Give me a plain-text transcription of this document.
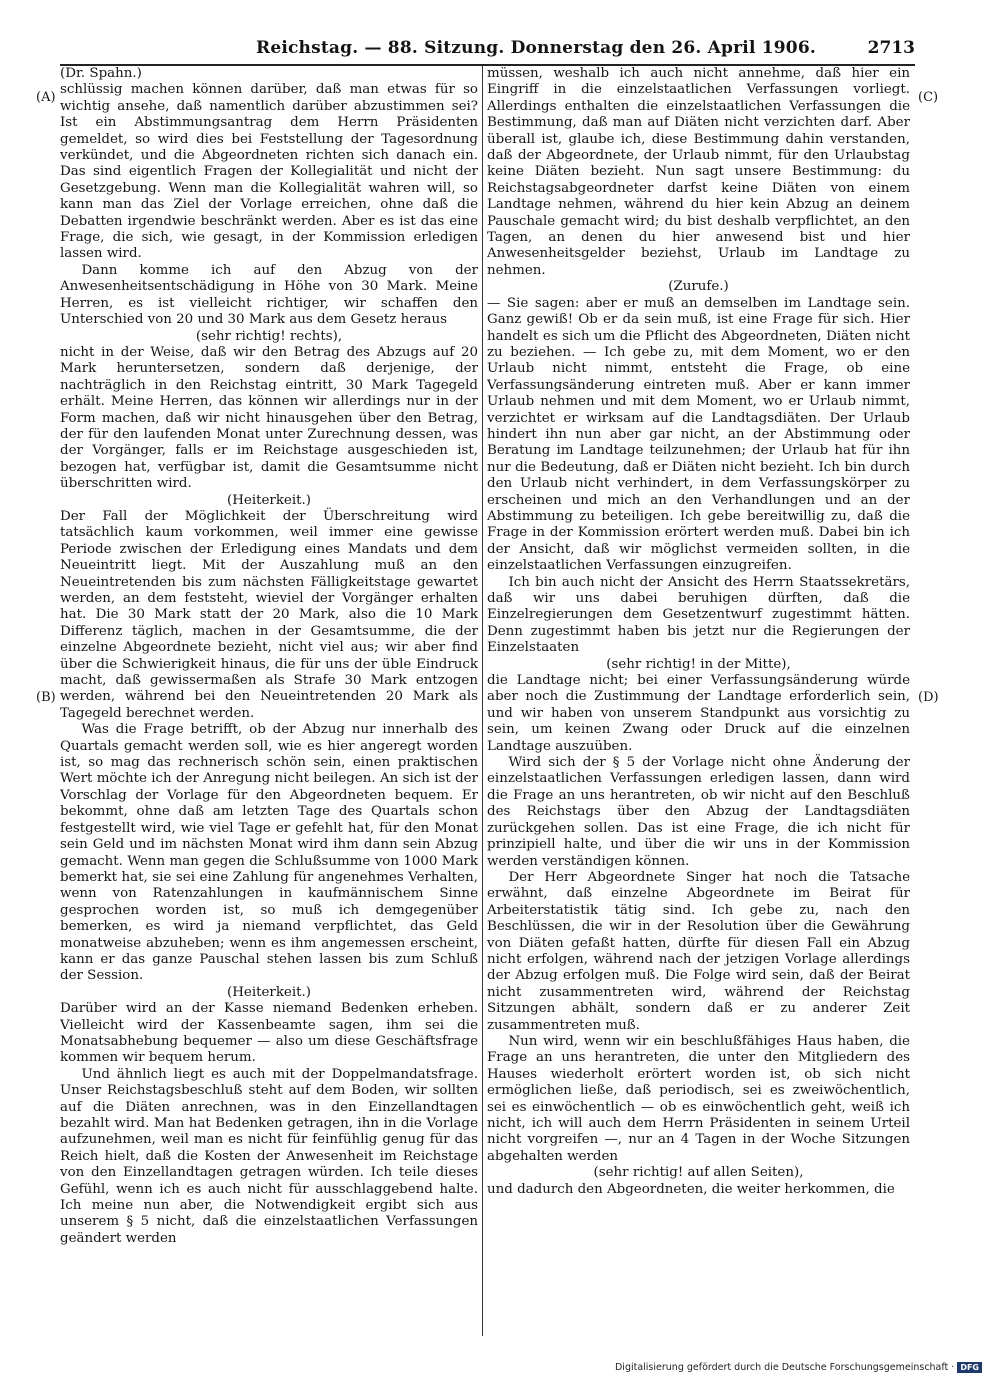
Reichstag. — 88. Sitzung. Donnerstag den 26. April 1906.	2713
(A)
(B)
(C)
(D)

(Dr. Spahn.)

schlüssig machen können darüber, daß man etwas für so wichtig ansehe, daß namentlich darüber abzustimmen sei? Ist ein Abstimmungsantrag dem Herrn Präsidenten gemeldet, so wird dies bei Feststellung der Tagesordnung verkündet, und die Abgeordneten richten sich danach ein. Das sind eigentlich Fragen der Kollegialität und nicht der Gesetzgebung. Wenn man die Kollegialität wahren will, so kann man das Ziel der Vorlage erreichen, ohne daß die Debatten irgendwie beschränkt werden. Aber es ist das eine Frage, die sich, wie gesagt, in der Kommission erledigen lassen wird.

Dann komme ich auf den Abzug von der Anwesenheitsentschädigung in Höhe von 30 Mark. Meine Herren, es ist vielleicht richtiger, wir schaffen den Unterschied von 20 und 30 Mark aus dem Gesetz heraus

(sehr richtig! rechts),

nicht in der Weise, daß wir den Betrag des Abzugs auf 20 Mark heruntersetzen, sondern daß derjenige, der nachträglich in den Reichstag eintritt, 30 Mark Tagegeld erhält. Meine Herren, das können wir allerdings nur in der Form machen, daß wir nicht hinausgehen über den Betrag, der für den laufenden Monat unter Zurechnung dessen, was der Vorgänger, falls er im Reichstage ausgeschieden ist, bezogen hat, verfügbar ist, damit die Gesamtsumme nicht überschritten wird.

(Heiterkeit.)

Der Fall der Möglichkeit der Überschreitung wird tatsächlich kaum vorkommen, weil immer eine gewisse Periode zwischen der Erledigung eines Mandats und dem Neueintritt liegt. Mit der Auszahlung muß an den Neueintretenden bis zum nächsten Fälligkeitstage gewartet werden, an dem feststeht, wieviel der Vorgänger erhalten hat. Die 30 Mark statt der 20 Mark, also die 10 Mark Differenz täglich, machen in der Gesamtsumme, die der einzelne Abgeordnete bezieht, nicht viel aus; wir aber find über die Schwierigkeit hinaus, die für uns der üble Eindruck macht, daß gewissermaßen als Strafe 30 Mark entzogen werden, während bei den Neueintretenden 20 Mark als Tagegeld berechnet werden.

Was die Frage betrifft, ob der Abzug nur innerhalb des Quartals gemacht werden soll, wie es hier angeregt worden ist, so mag das rechnerisch schön sein, einen praktischen Wert möchte ich der Anregung nicht beilegen. An sich ist der Vorschlag der Vorlage für den Abgeordneten bequem. Er bekommt, ohne daß am letzten Tage des Quartals schon festgestellt wird, wie viel Tage er gefehlt hat, für den Monat sein Geld und im nächsten Monat wird ihm dann sein Abzug gemacht. Wenn man gegen die Schlußsumme von 1000 Mark bemerkt hat, sie sei eine Zahlung für angenehmes Verhalten, wenn von Ratenzahlungen in kaufmännischem Sinne gesprochen worden ist, so muß ich demgegenüber bemerken, es wird ja niemand verpflichtet, das Geld monatweise abzuheben; wenn es ihm angemessen erscheint, kann er das ganze Pauschal stehen lassen bis zum Schluß der Session.

(Heiterkeit.)

Darüber wird an der Kasse niemand Bedenken erheben. Vielleicht wird der Kassenbeamte sagen, ihm sei die Monatsabhebung bequemer — also um diese Geschäftsfrage kommen wir bequem herum.

Und ähnlich liegt es auch mit der Doppelmandatsfrage. Unser Reichstagsbeschluß steht auf dem Boden, wir sollten auf die Diäten anrechnen, was in den Einzellandtagen bezahlt wird. Man hat Bedenken getragen, ihn in die Vorlage aufzunehmen, weil man es nicht für feinfühlig genug für das Reich hielt, daß die Kosten der Anwesenheit im Reichstage von den Einzellandtagen getragen würden. Ich teile dieses Gefühl, wenn ich es auch nicht für ausschlaggebend halte. Ich meine nun aber, die Notwendigkeit ergibt sich aus unserem § 5 nicht, daß die einzelstaatlichen Verfassungen geändert werden

müssen, weshalb ich auch nicht annehme, daß hier ein Eingriff in die einzelstaatlichen Verfassungen vorliegt. Allerdings enthalten die einzelstaatlichen Verfassungen die Bestimmung, daß man auf Diäten nicht verzichten darf. Aber überall ist, glaube ich, diese Bestimmung dahin verstanden, daß der Abgeordnete, der Urlaub nimmt, für den Urlaubstag keine Diäten bezieht. Nun sagt unsere Bestimmung: du Reichstagsabgeordneter darfst keine Diäten von einem Landtage nehmen, während du hier kein Abzug an deinem Pauschale gemacht wird; du bist deshalb verpflichtet, an den Tagen, an denen du hier anwesend bist und hier Anwesenheitsgelder beziehst, Urlaub im Landtage zu nehmen.

(Zurufe.)

— Sie sagen: aber er muß an demselben im Landtage sein. Ganz gewiß! Ob er da sein muß, ist eine Frage für sich. Hier handelt es sich um die Pflicht des Abgeordneten, Diäten nicht zu beziehen. — Ich gebe zu, mit dem Moment, wo er den Urlaub nicht nimmt, entsteht die Frage, ob eine Verfassungsänderung eintreten muß. Aber er kann immer Urlaub nehmen und mit dem Moment, wo er Urlaub nimmt, verzichtet er wirksam auf die Landtagsdiäten. Der Urlaub hindert ihn nun aber gar nicht, an der Abstimmung oder Beratung im Landtage teilzunehmen; der Urlaub hat für ihn nur die Bedeutung, daß er Diäten nicht bezieht. Ich bin durch den Urlaub nicht verhindert, in dem Verfassungskörper zu erscheinen und mich an den Verhandlungen und an der Abstimmung zu beteiligen. Ich gebe bereitwillig zu, daß die Frage in der Kommission erörtert werden muß. Dabei bin ich der Ansicht, daß wir möglichst vermeiden sollten, in die einzelstaatlichen Verfassungen einzugreifen.

Ich bin auch nicht der Ansicht des Herrn Staatssekretärs, daß wir uns dabei beruhigen dürften, daß die Einzelregierungen dem Gesetzentwurf zugestimmt hätten. Denn zugestimmt haben bis jetzt nur die Regierungen der Einzelstaaten

(sehr richtig! in der Mitte),

die Landtage nicht; bei einer Verfassungsänderung würde aber noch die Zustimmung der Landtage erforderlich sein, und wir haben von unserem Standpunkt aus vorsichtig zu sein, um keinen Zwang oder Druck auf die einzelnen Landtage auszuüben.

Wird sich der § 5 der Vorlage nicht ohne Änderung der einzelstaatlichen Verfassungen erledigen lassen, dann wird die Frage an uns herantreten, ob wir nicht auf den Beschluß des Reichstags über den Abzug der Landtagsdiäten zurückgehen sollen. Das ist eine Frage, die ich nicht für prinzipiell halte, und über die wir uns in der Kommission werden verständigen können.

Der Herr Abgeordnete Singer hat noch die Tatsache erwähnt, daß einzelne Abgeordnete im Beirat für Arbeiterstatistik tätig sind. Ich gebe zu, nach den Beschlüssen, die wir in der Resolution über die Gewährung von Diäten gefaßt hatten, dürfte für diesen Fall ein Abzug nicht erfolgen, während nach der jetzigen Vorlage allerdings der Abzug erfolgen muß. Die Folge wird sein, daß der Beirat nicht zusammentreten wird, während der Reichstag Sitzungen abhält, sondern daß er zu anderer Zeit zusammentreten muß.

Nun wird, wenn wir ein beschlußfähiges Haus haben, die Frage an uns herantreten, die unter den Mitgliedern des Hauses wiederholt erörtert worden ist, ob sich nicht ermöglichen ließe, daß periodisch, sei es zweiwöchentlich, sei es einwöchentlich — ob es einwöchentlich geht, weiß ich nicht, ich will auch dem Herrn Präsidenten in seinem Urteil nicht vorgreifen —, nur an 4 Tagen in der Woche Sitzungen abgehalten werden

(sehr richtig! auf allen Seiten),

und dadurch den Abgeordneten, die weiter herkommen, die

Digitalisierung gefördert durch die Deutsche Forschungsgemeinschaft · DFG
